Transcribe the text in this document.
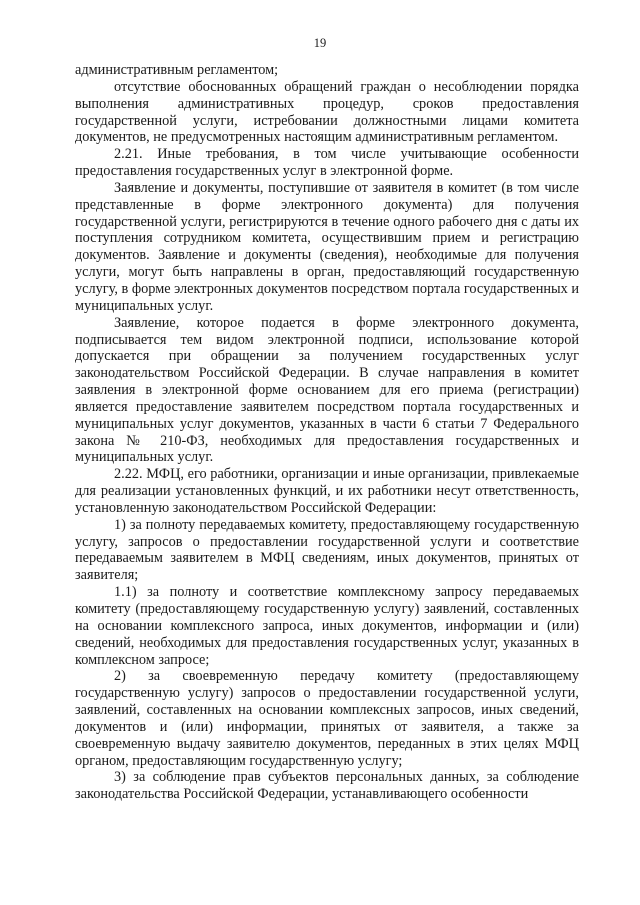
19

административным регламентом;

отсутствие обоснованных обращений граждан о несоблюдении порядка выполнения административных процедур, сроков предоставления государственной услуги, истребовании должностными лицами комитета документов, не предусмотренных настоящим административным регламентом.

2.21. Иные требования, в том числе учитывающие особенности предоставления государственных услуг в электронной форме.

Заявление и документы, поступившие от заявителя в комитет (в том числе представленные в форме электронного документа) для получения государственной услуги, регистрируются в течение одного рабочего дня с даты их поступления сотрудником комитета, осуществившим прием и регистрацию документов. Заявление и документы (сведения), необходимые для получения услуги, могут быть направлены в орган, предоставляющий государственную услугу, в форме электронных документов посредством портала государственных и муниципальных услуг.

Заявление, которое подается в форме электронного документа, подписывается тем видом электронной подписи, использование которой допускается при обращении за получением государственных услуг законодательством Российской Федерации. В случае направления в комитет заявления в электронной форме основанием для его приема (регистрации) является предоставление заявителем посредством портала государственных и муниципальных услуг документов, указанных в части 6 статьи 7 Федерального закона № 210-ФЗ, необходимых для предоставления государственных и муниципальных услуг.

2.22. МФЦ, его работники, организации и иные организации, привлекаемые для реализации установленных функций, и их работники несут ответственность, установленную законодательством Российской Федерации:

1) за полноту передаваемых комитету, предоставляющему государственную услугу, запросов о предоставлении государственной услуги и соответствие передаваемым заявителем в МФЦ сведениям, иных документов, принятых от заявителя;

1.1) за полноту и соответствие комплексному запросу передаваемых комитету (предоставляющему государственную услугу) заявлений, составленных на основании комплексного запроса, иных документов, информации и (или) сведений, необходимых для предоставления государственных услуг, указанных в комплексном запросе;

2) за своевременную передачу комитету (предоставляющему государственную услугу) запросов о предоставлении государственной услуги, заявлений, составленных на основании комплексных запросов, иных сведений, документов и (или) информации, принятых от заявителя, а также за своевременную выдачу заявителю документов, переданных в этих целях МФЦ органом, предоставляющим государственную услугу;

3) за соблюдение прав субъектов персональных данных, за соблюдение законодательства Российской Федерации, устанавливающего особенности
